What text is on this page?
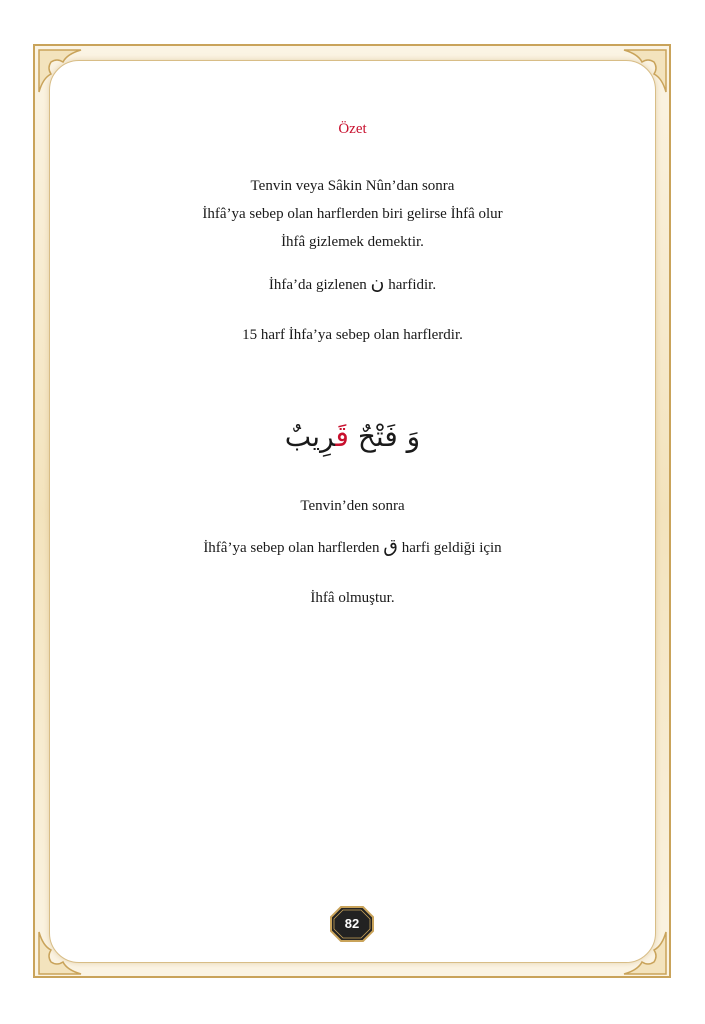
Özet
Tenvin veya Sâkin Nûn’dan sonra
İhfâ’ya sebep olan harflerden biri gelirse İhfâ olur
İhfâ gizlemek demektir.
İhfa’da gizlenen ن harfidir.
15 harf İhfa’ya sebep olan harflerdir.
وَ فَتْحٌ قَرِيبٌ
Tenvin’den sonra
İhfâ’ya sebep olan harflerden ق harfi geldiği için
İhfâ olmuştur.
82
